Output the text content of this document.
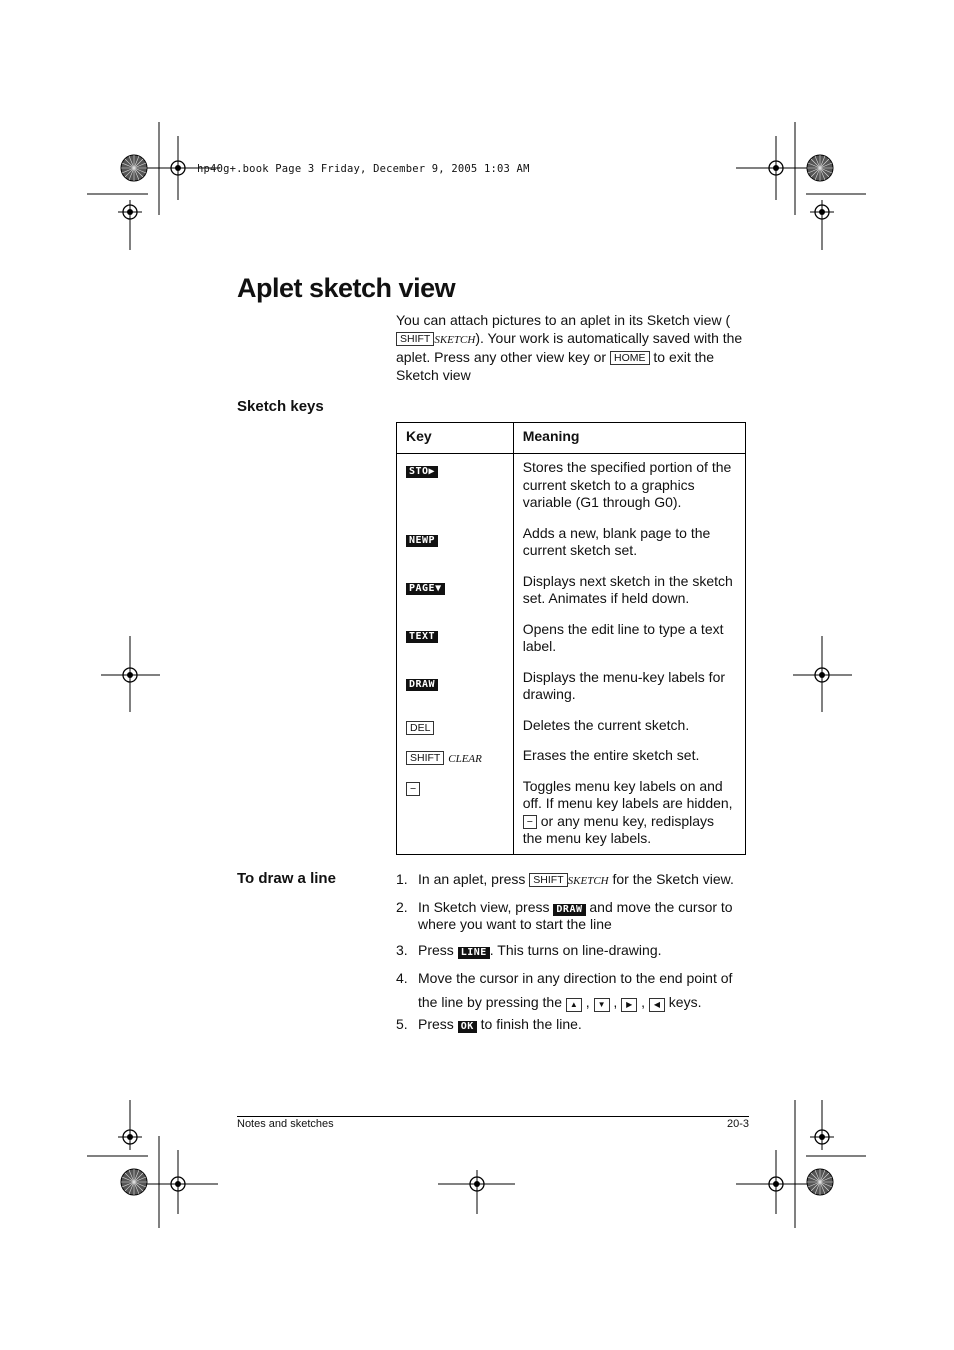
hp40g+.book Page 3 Friday, December 9, 2005 1:03 AM
Aplet sketch view
You can attach pictures to an aplet in its Sketch view (SHIFT SKETCH). Your work is automatically saved with the aplet. Press any other view key or HOME to exit the Sketch view
Sketch keys
Key	Meaning
STO▶	Stores the specified portion of the current sketch to a graphics variable (G1 through G0).
NEWP	Adds a new, blank page to the current sketch set.
PAGE▼	Displays next sketch in the sketch set. Animates if held down.
TEXT	Opens the edit line to type a text label.
DRAW	Displays the menu-key labels for drawing.
DEL	Deletes the current sketch.
SHIFT CLEAR	Erases the entire sketch set.
−	Toggles menu key labels on and off. If menu key labels are hidden, − or any menu key, redisplays the menu key labels.
To draw a line	1. In an aplet, press SHIFT SKETCH for the Sketch view.
2. In Sketch view, press DRAW and move the cursor to where you want to start the line
3. Press LINE . This turns on line-drawing.
4. Move the cursor in any direction to the end point of the line by pressing the ▲ , ▼ , ▶ , ◀ keys.
5. Press OK to finish the line.
Notes and sketches	20-3
